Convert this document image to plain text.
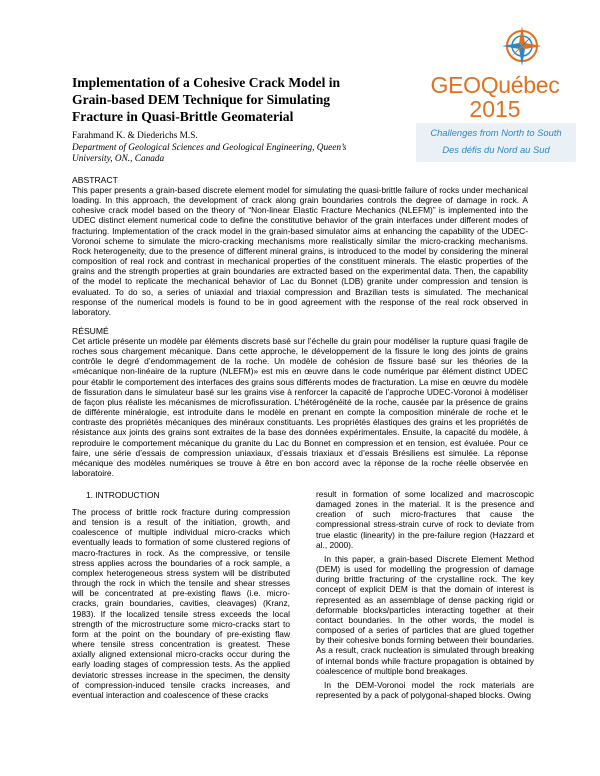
Implementation of a Cohesive Crack Model in
Grain-based DEM Technique for Simulating
Fracture in Quasi-Brittle Geomaterial
Farahmand K. & Diederichs M.S.
Department of Geological Sciences and Geological Engineering, Queen’s University, ON., Canada
GEOQuébec
2015
Challenges from North to South
Des défis du Nord au Sud
ABSTRACT

This paper presents a grain-based discrete element model for simulating the quasi-brittle failure of rocks under mechanical loading. In this approach, the development of crack along grain boundaries controls the degree of damage in rock. A cohesive crack model based on the theory of “Non-linear Elastic Fracture Mechanics (NLEFM)” is implemented into the UDEC distinct element numerical code to define the constitutive behavior of the grain interfaces under different modes of fracturing. Implementation of the crack model in the grain-based simulator aims at enhancing the capability of the UDEC-Voronoi scheme to simulate the micro-cracking mechanisms more realistically similar the micro-cracking mechanisms. Rock heterogeneity, due to the presence of different mineral grains, is introduced to the model by considering the mineral composition of real rock and contrast in mechanical properties of the constituent minerals. The elastic properties of the grains and the strength properties at grain boundaries are extracted based on the experimental data. Then, the capability of the model to replicate the mechanical behavior of Lac du Bonnet (LDB) granite under compression and tension is evaluated. To do so, a series of uniaxial and triaxial compression and Brazilian tests is simulated. The mechanical response of the numerical models is found to be in good agreement with the response of the real rock observed in laboratory.

RÉSUMÉ

Cet article présente un modèle par éléments discrets basé sur l’échelle du grain pour modéliser la rupture quasi fragile de roches sous chargement mécanique. Dans cette approche, le développement de la fissure le long des joints de grains contrôle le degré d’endommagement de la roche. Un modèle de cohésion de fissure basé sur les théories de la «mécanique non-linéaire de la rupture (NLEFM)» est mis en œuvre dans le code numérique par élément distinct UDEC pour établir le comportement des interfaces des grains sous différents modes de fracturation. La mise en œuvre du modèle de fissuration dans le simulateur basé sur les grains vise à renforcer la capacité de l’approche UDEC-Voronoi à modéliser de façon plus réaliste les mécanismes de microfissuration. L’hétérogénéité de la roche, causée par la présence de grains de différente minéralogie, est introduite dans le modèle en prenant en compte la composition minérale de roche et le contraste des propriétés mécaniques des minéraux constituants. Les propriétés élastiques des grains et les propriétés de résistance aux joints des grains sont extraites de la base des données expérimentales. Ensuite, la capacité du modèle, à reproduire le comportement mécanique du granite du Lac du Bonnet en compression et en tension, est évaluée. Pour ce faire, une série d’essais de compression uniaxiaux, d’essais triaxiaux et d’essais Brésiliens est simulée. La réponse mécanique des modèles numériques se trouve à être en bon accord avec la réponse de la roche réelle observée en laboratoire.

1. INTRODUCTION

The process of brittle rock fracture during compression and tension is a result of the initiation, growth, and coalescence of multiple individual micro-cracks which eventually leads to formation of some clustered regions of macro-fractures in rock. As the compressive, or tensile stress applies across the boundaries of a rock sample, a complex heterogeneous stress system will be distributed through the rock in which the tensile and shear stresses will be concentrated at pre-existing flaws (i.e. micro-cracks, grain boundaries, cavities, cleavages) (Kranz, 1983). If the localized tensile stress exceeds the local strength of the microstructure some micro-cracks start to form at the point on the boundary of pre-existing flaw where tensile stress concentration is greatest. These axially aligned extensional micro-cracks occur during the early loading stages of compression tests. As the applied deviatoric stresses increase in the specimen, the density of compression-induced tensile cracks increases, and eventual interaction and coalescence of these cracks

result in formation of some localized and macroscopic damaged zones in the material. It is the presence and creation of such micro-fractures that cause the compressional stress-strain curve of rock to deviate from true elastic (linearity) in the pre-failure region (Hazzard et al., 2000).

In this paper, a grain-based Discrete Element Method (DEM) is used for modelling the progression of damage during brittle fracturing of the crystalline rock. The key concept of explicit DEM is that the domain of interest is represented as an assemblage of dense packing rigid or deformable blocks/particles interacting together at their contact boundaries. In the other words, the model is composed of a series of particles that are glued together by their cohesive bonds forming between their boundaries. As a result, crack nucleation is simulated through breaking of internal bonds while fracture propagation is obtained by coalescence of multiple bond breakages.

In the DEM-Voronoi model the rock materials are represented by a pack of polygonal-shaped blocks. Owing
